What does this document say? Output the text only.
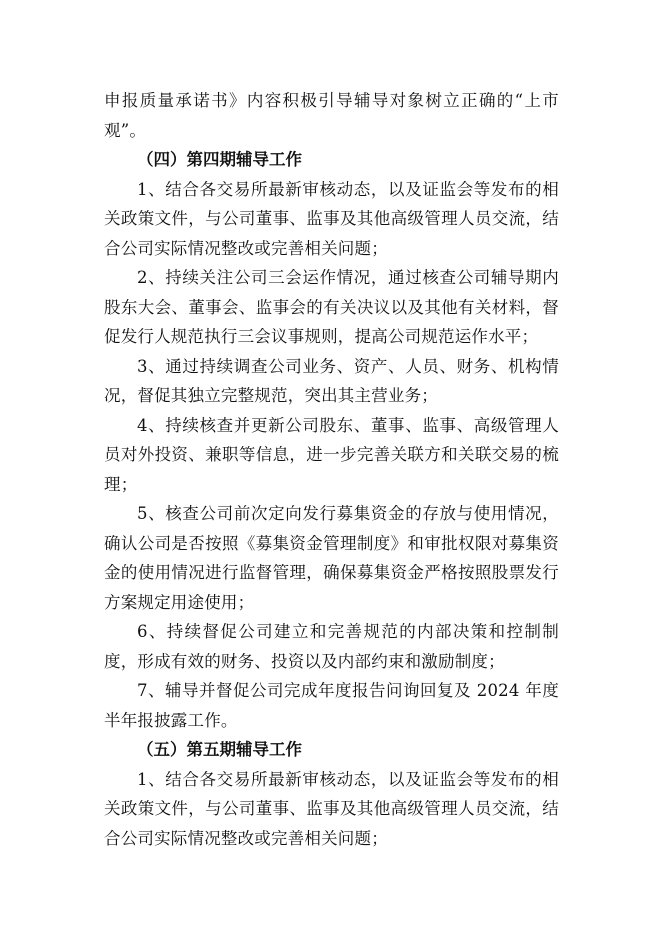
申报质量承诺书》内容积极引导辅导对象树立正确的“上市观”。

（四）第四期辅导工作

1、结合各交易所最新审核动态，以及证监会等发布的相关政策文件，与公司董事、监事及其他高级管理人员交流，结合公司实际情况整改或完善相关问题；

2、持续关注公司三会运作情况，通过核查公司辅导期内股东大会、董事会、监事会的有关决议以及其他有关材料，督促发行人规范执行三会议事规则，提高公司规范运作水平；

3、通过持续调查公司业务、资产、人员、财务、机构情况，督促其独立完整规范，突出其主营业务；

4、持续核查并更新公司股东、董事、监事、高级管理人员对外投资、兼职等信息，进一步完善关联方和关联交易的梳理；

5、核查公司前次定向发行募集资金的存放与使用情况，确认公司是否按照《募集资金管理制度》和审批权限对募集资金的使用情况进行监督管理，确保募集资金严格按照股票发行方案规定用途使用；

6、持续督促公司建立和完善规范的内部决策和控制制度，形成有效的财务、投资以及内部约束和激励制度；

7、辅导并督促公司完成年度报告问询回复及 2024 年度半年报披露工作。

（五）第五期辅导工作

1、结合各交易所最新审核动态，以及证监会等发布的相关政策文件，与公司董事、监事及其他高级管理人员交流，结合公司实际情况整改或完善相关问题；
